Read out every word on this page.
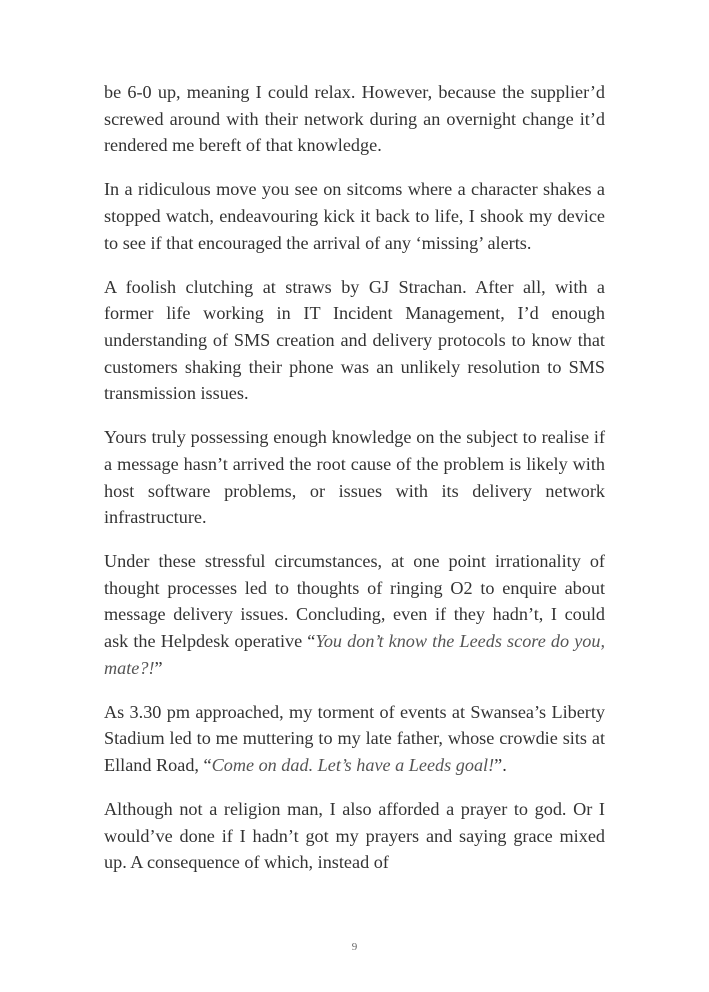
be 6-0 up, meaning I could relax. However, because the supplier’d screwed around with their network during an overnight change it’d rendered me bereft of that knowledge.

In a ridiculous move you see on sitcoms where a character shakes a stopped watch, endeavouring kick it back to life, I shook my device to see if that encouraged the arrival of any ‘missing’ alerts.

A foolish clutching at straws by GJ Strachan. After all, with a former life working in IT Incident Management, I’d enough understanding of SMS creation and delivery protocols to know that customers shaking their phone was an unlikely resolution to SMS transmission issues.

Yours truly possessing enough knowledge on the subject to realise if a message hasn’t arrived the root cause of the problem is likely with host software problems, or issues with its delivery network infrastructure.

Under these stressful circumstances, at one point irrationality of thought processes led to thoughts of ringing O2 to enquire about message delivery issues. Concluding, even if they hadn’t, I could ask the Helpdesk operative “You don’t know the Leeds score do you, mate?!”

As 3.30 pm approached, my torment of events at Swansea’s Liberty Stadium led to me muttering to my late father, whose crowdie sits at Elland Road, “Come on dad. Let’s have a Leeds goal!”.

Although not a religion man, I also afforded a prayer to god. Or I would’ve done if I hadn’t got my prayers and saying grace mixed up. A consequence of which, instead of

9
